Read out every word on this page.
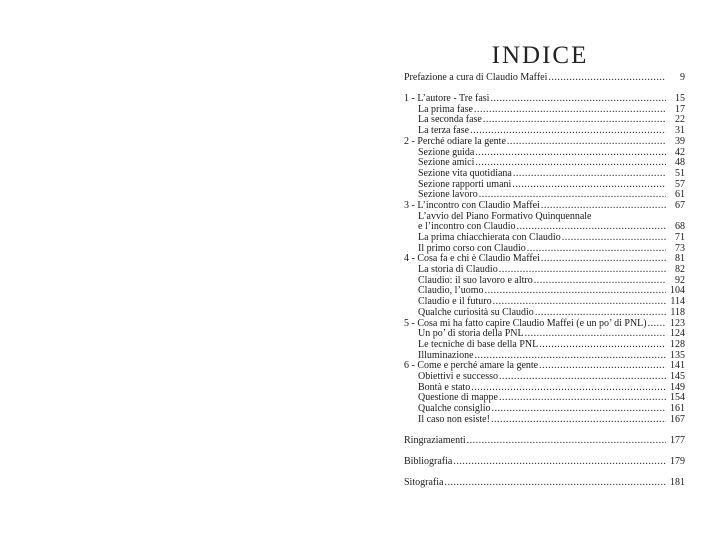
INDICE
Prefazione a cura di Claudio Maffei .....	9
1 - L’autore - Tre fasi .....	15
La prima fase .....	17
La seconda fase .....	22
La terza fase .....	31
2 - Perché odiare la gente .....	39
Sezione guida .....	42
Sezione amici .....	48
Sezione vita quotidiana .....	51
Sezione rapporti umani .....	57
Sezione lavoro .....	61
3 - L’incontro con Claudio Maffei .....	67
L’avvio del Piano Formativo Quinquennale
e l’incontro con Claudio .....	68
La prima chiacchierata con Claudio .....	71
Il primo corso con Claudio .....	73
4 - Cosa fa e chi è Claudio Maffei .....	81
La storia di Claudio .....	82
Claudio: il suo lavoro e altro .....	92
Claudio, l’uomo .....	104
Claudio e il futuro .....	114
Qualche curiosità su Claudio .....	118
5 - Cosa mi ha fatto capire Claudio Maffei (e un po’ di PNL) ..... 123
Un po’ di storia della PNL .....	124
Le tecniche di base della PNL .....	128
Illuminazione .....	135
6 - Come e perché amare la gente .....	141
Obiettivi e successo .....	145
Bontà e stato .....	149
Questione di mappe .....	154
Qualche consiglio .....	161
Il caso non esiste! .....	167
Ringraziamenti .....	177
Bibliografia .....	179
Sitografia .....	181
